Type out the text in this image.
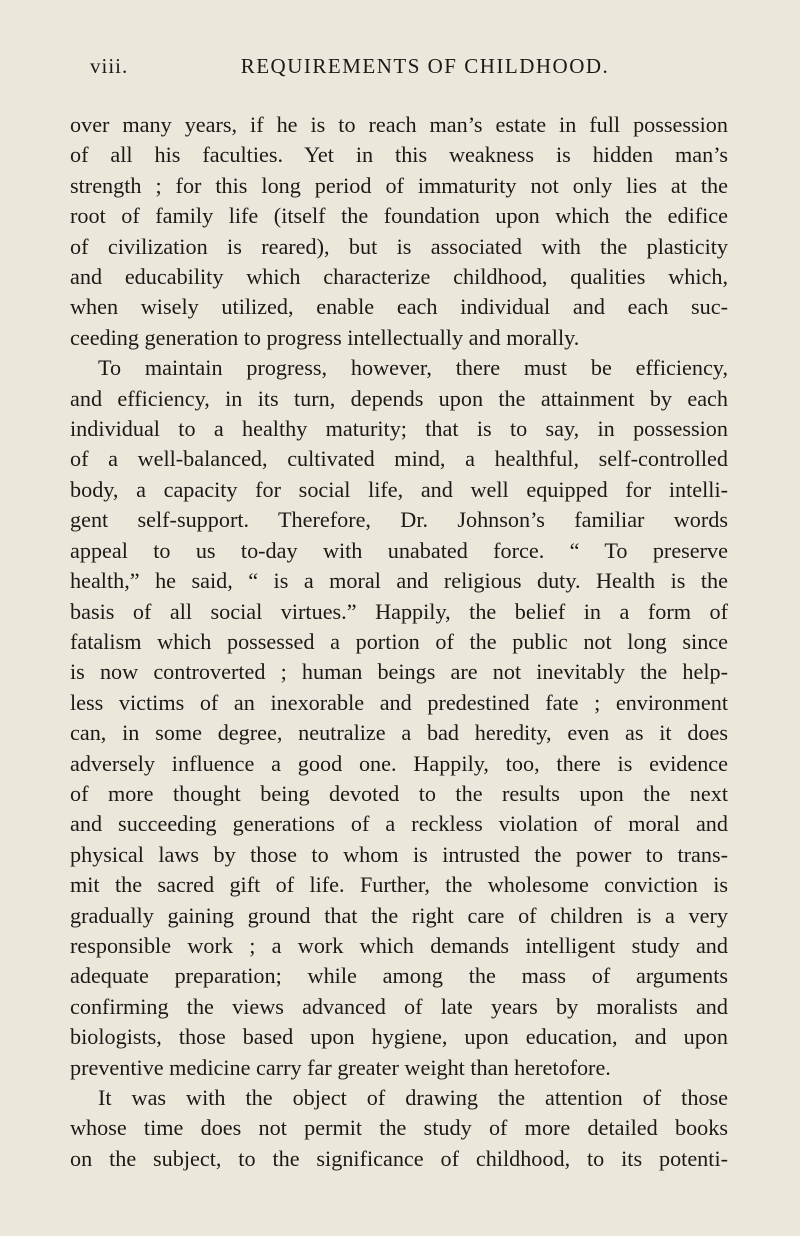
viii.	REQUIREMENTS OF CHILDHOOD.
over many years, if he is to reach man’s estate in full possession
of all his faculties. Yet in this weakness is hidden man’s
strength ; for this long period of immaturity not only lies at the
root of family life (itself the foundation upon which the edifice
of civilization is reared), but is associated with the plasticity
and educability which characterize childhood, qualities which,
when wisely utilized, enable each individual and each suc-
ceeding generation to progress intellectually and morally.
To maintain progress, however, there must be efficiency,
and efficiency, in its turn, depends upon the attainment by each
individual to a healthy maturity; that is to say, in possession
of a well-balanced, cultivated mind, a healthful, self-controlled
body, a capacity for social life, and well equipped for intelli-
gent self-support. Therefore, Dr. Johnson’s familiar words
appeal to us to-day with unabated force. “ To preserve
health,” he said, “ is a moral and religious duty. Health is the
basis of all social virtues.” Happily, the belief in a form of
fatalism which possessed a portion of the public not long since
is now controverted ; human beings are not inevitably the help-
less victims of an inexorable and predestined fate ; environment
can, in some degree, neutralize a bad heredity, even as it does
adversely influence a good one. Happily, too, there is evidence
of more thought being devoted to the results upon the next
and succeeding generations of a reckless violation of moral and
physical laws by those to whom is intrusted the power to trans-
mit the sacred gift of life. Further, the wholesome conviction is
gradually gaining ground that the right care of children is a very
responsible work ; a work which demands intelligent study and
adequate preparation; while among the mass of arguments
confirming the views advanced of late years by moralists and
biologists, those based upon hygiene, upon education, and upon
preventive medicine carry far greater weight than heretofore.
It was with the object of drawing the attention of those
whose time does not permit the study of more detailed books
on the subject, to the significance of childhood, to its potenti-
